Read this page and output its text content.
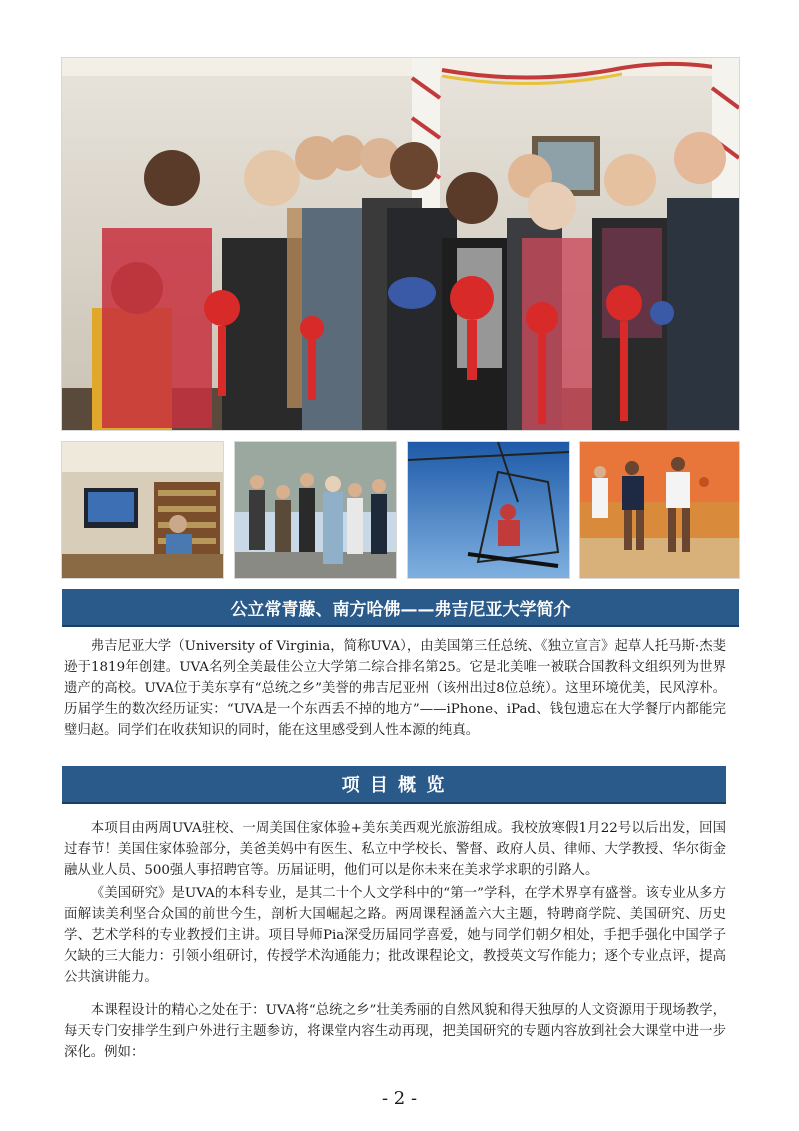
公立常青藤、南方哈佛——弗吉尼亚大学简介

弗吉尼亚大学（University of Virginia，简称UVA），由美国第三任总统、《独立宣言》起草人托马斯·杰斐逊于1819年创建。UVA名列全美最佳公立大学第二综合排名第25。它是北美唯一被联合国教科文组织列为世界遗产的高校。UVA位于美东享有“总统之乡”美誉的弗吉尼亚州（该州出过8位总统）。这里环境优美，民风淳朴。历届学生的数次经历证实：“UVA是一个东西丢不掉的地方”——iPhone、iPad、钱包遗忘在大学餐厅内都能完璧归赵。同学们在收获知识的同时，能在这里感受到人性本源的纯真。

项 目 概 览

本项目由两周UVA驻校、一周美国住家体验+美东美西观光旅游组成。我校放寒假1月22号以后出发，回国过春节！美国住家体验部分，美爸美妈中有医生、私立中学校长、警督、政府人员、律师、大学教授、华尔街金融从业人员、500强人事招聘官等。历届证明，他们可以是你未来在美求学求职的引路人。

《美国研究》是UVA的本科专业，是其二十个人文学科中的“第一”学科，在学术界享有盛誉。该专业从多方面解读美利坚合众国的前世今生，剖析大国崛起之路。两周课程涵盖六大主题，特聘商学院、美国研究、历史学、艺术学科的专业教授们主讲。项目导师Pia深受历届同学喜爱，她与同学们朝夕相处，手把手强化中国学子欠缺的三大能力：引领小组研讨，传授学术沟通能力；批改课程论文，教授英文写作能力；逐个专业点评，提高公共演讲能力。

本课程设计的精心之处在于：UVA将“总统之乡”壮美秀丽的自然风貌和得天独厚的人文资源用于现场教学，每天专门安排学生到户外进行主题参访，将课堂内容生动再现，把美国研究的专题内容放到社会大课堂中进一步深化。例如：

- 2 -
